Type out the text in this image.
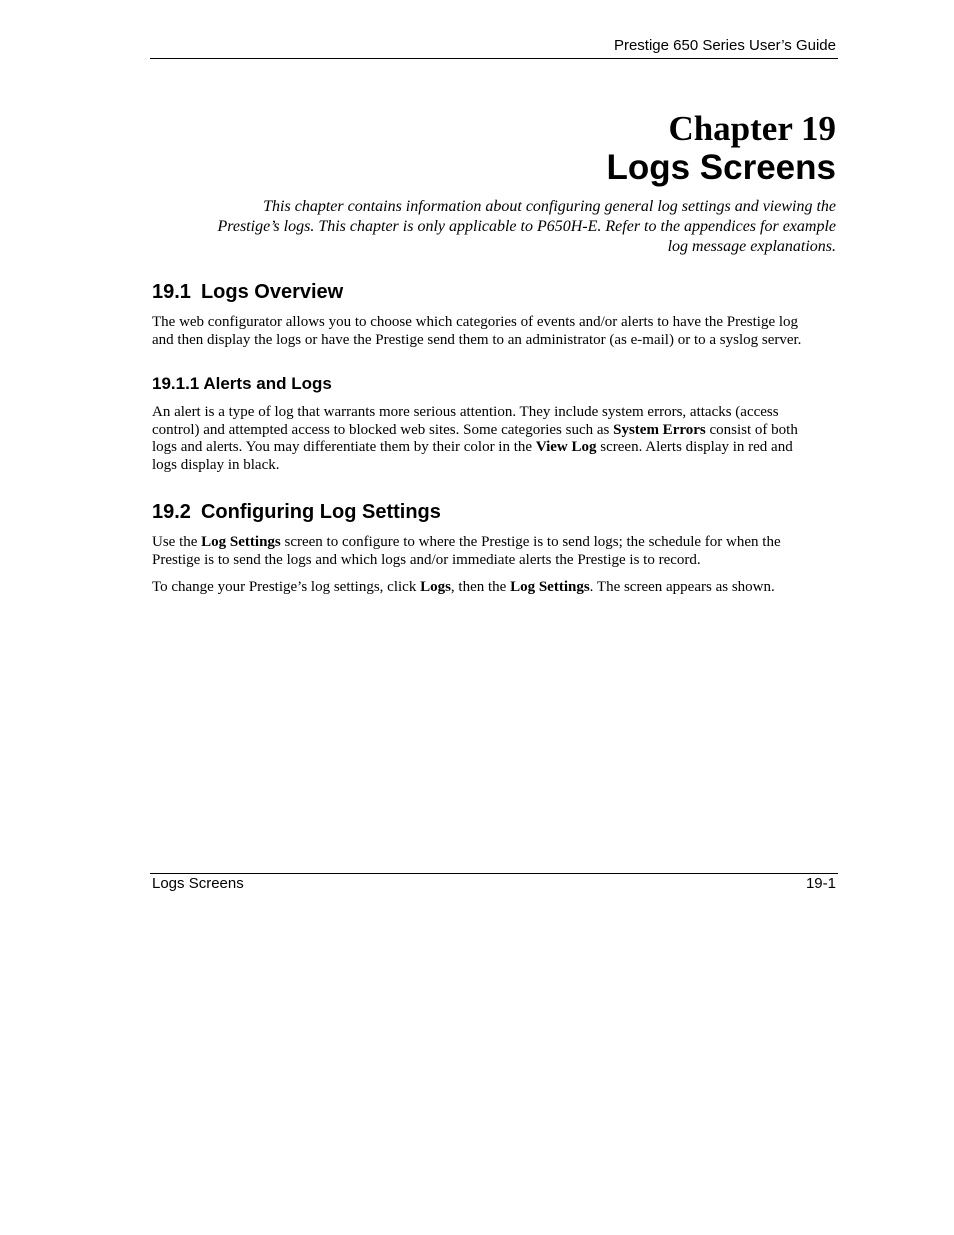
Prestige 650 Series User’s Guide
Chapter 19
Logs Screens
This chapter contains information about configuring general log settings and viewing the
Prestige’s logs. This chapter is only applicable to P650H-E. Refer to the appendices for example
log message explanations.
19.1 Logs Overview
The web configurator allows you to choose which categories of events and/or alerts to have the Prestige log
and then display the logs or have the Prestige send them to an administrator (as e-mail) or to a syslog server.
19.1.1 Alerts and Logs
An alert is a type of log that warrants more serious attention. They include system errors, attacks (access
control) and attempted access to blocked web sites. Some categories such as System Errors consist of both
logs and alerts. You may differentiate them by their color in the View Log screen. Alerts display in red and
logs display in black.
19.2 Configuring Log Settings
Use the Log Settings screen to configure to where the Prestige is to send logs; the schedule for when the
Prestige is to send the logs and which logs and/or immediate alerts the Prestige is to record.
To change your Prestige’s log settings, click Logs, then the Log Settings. The screen appears as shown.
Logs Screens	19-1
